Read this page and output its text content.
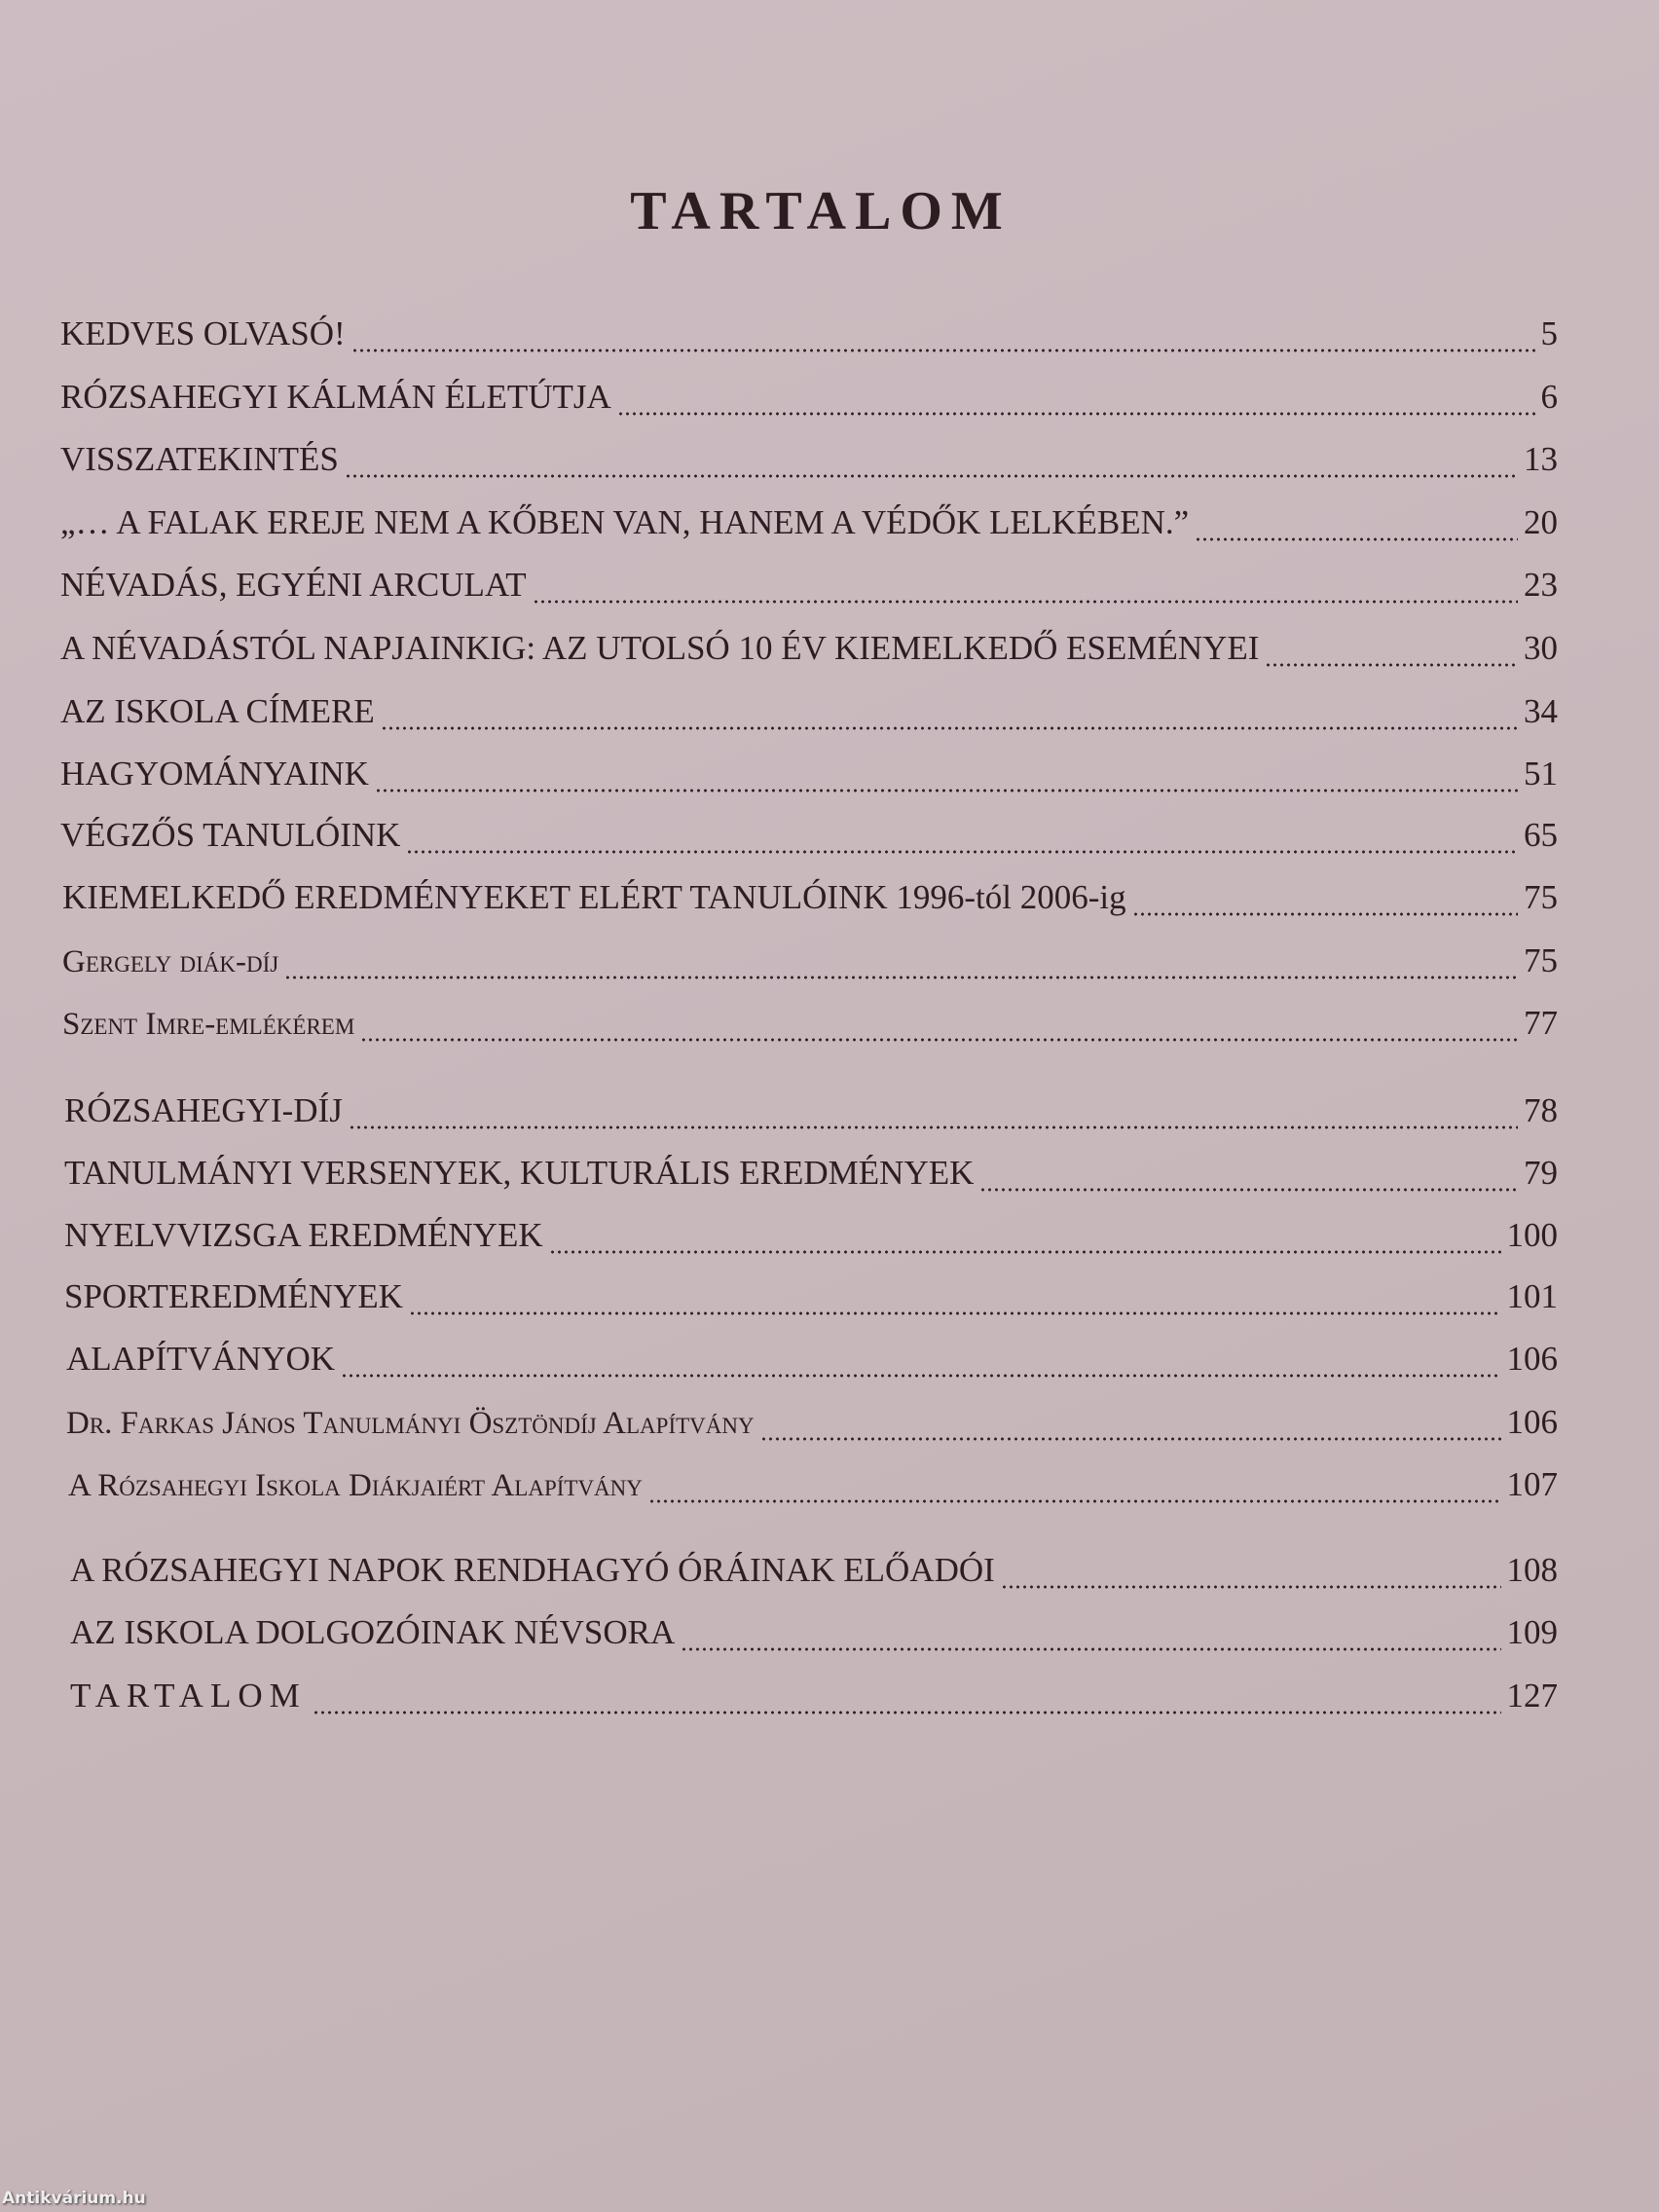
TARTALOM
KEDVES OLVASÓ!	5
RÓZSAHEGYI KÁLMÁN ÉLETÚTJA	6
VISSZATEKINTÉS	13
„… A FALAK EREJE NEM A KŐBEN VAN, HANEM A VÉDŐK LELKÉBEN.”	20
NÉVADÁS, EGYÉNI ARCULAT	23
A NÉVADÁSTÓL NAPJAINKIG: AZ UTOLSÓ 10 ÉV KIEMELKEDŐ ESEMÉNYEI	30
AZ ISKOLA CÍMERE	34
HAGYOMÁNYAINK	51
VÉGZŐS TANULÓINK	65
KIEMELKEDŐ EREDMÉNYEKET ELÉRT TANULÓINK 1996-tól 2006-ig	75
Gergely diák-díj	75
Szent Imre-emlékérem	77
RÓZSAHEGYI-DÍJ	78
TANULMÁNYI VERSENYEK, KULTURÁLIS EREDMÉNYEK	79
NYELVVIZSGA EREDMÉNYEK	100
SPORTEREDMÉNYEK	101
ALAPÍTVÁNYOK	106
Dr. Farkas János Tanulmányi Ösztöndíj Alapítvány	106
A Rózsahegyi Iskola Diákjaiért Alapítvány	107
A RÓZSAHEGYI NAPOK RENDHAGYÓ ÓRÁINAK ELŐADÓI	108
AZ ISKOLA DOLGOZÓINAK NÉVSORA	109
TARTALOM	127
Antikvárium.hu
